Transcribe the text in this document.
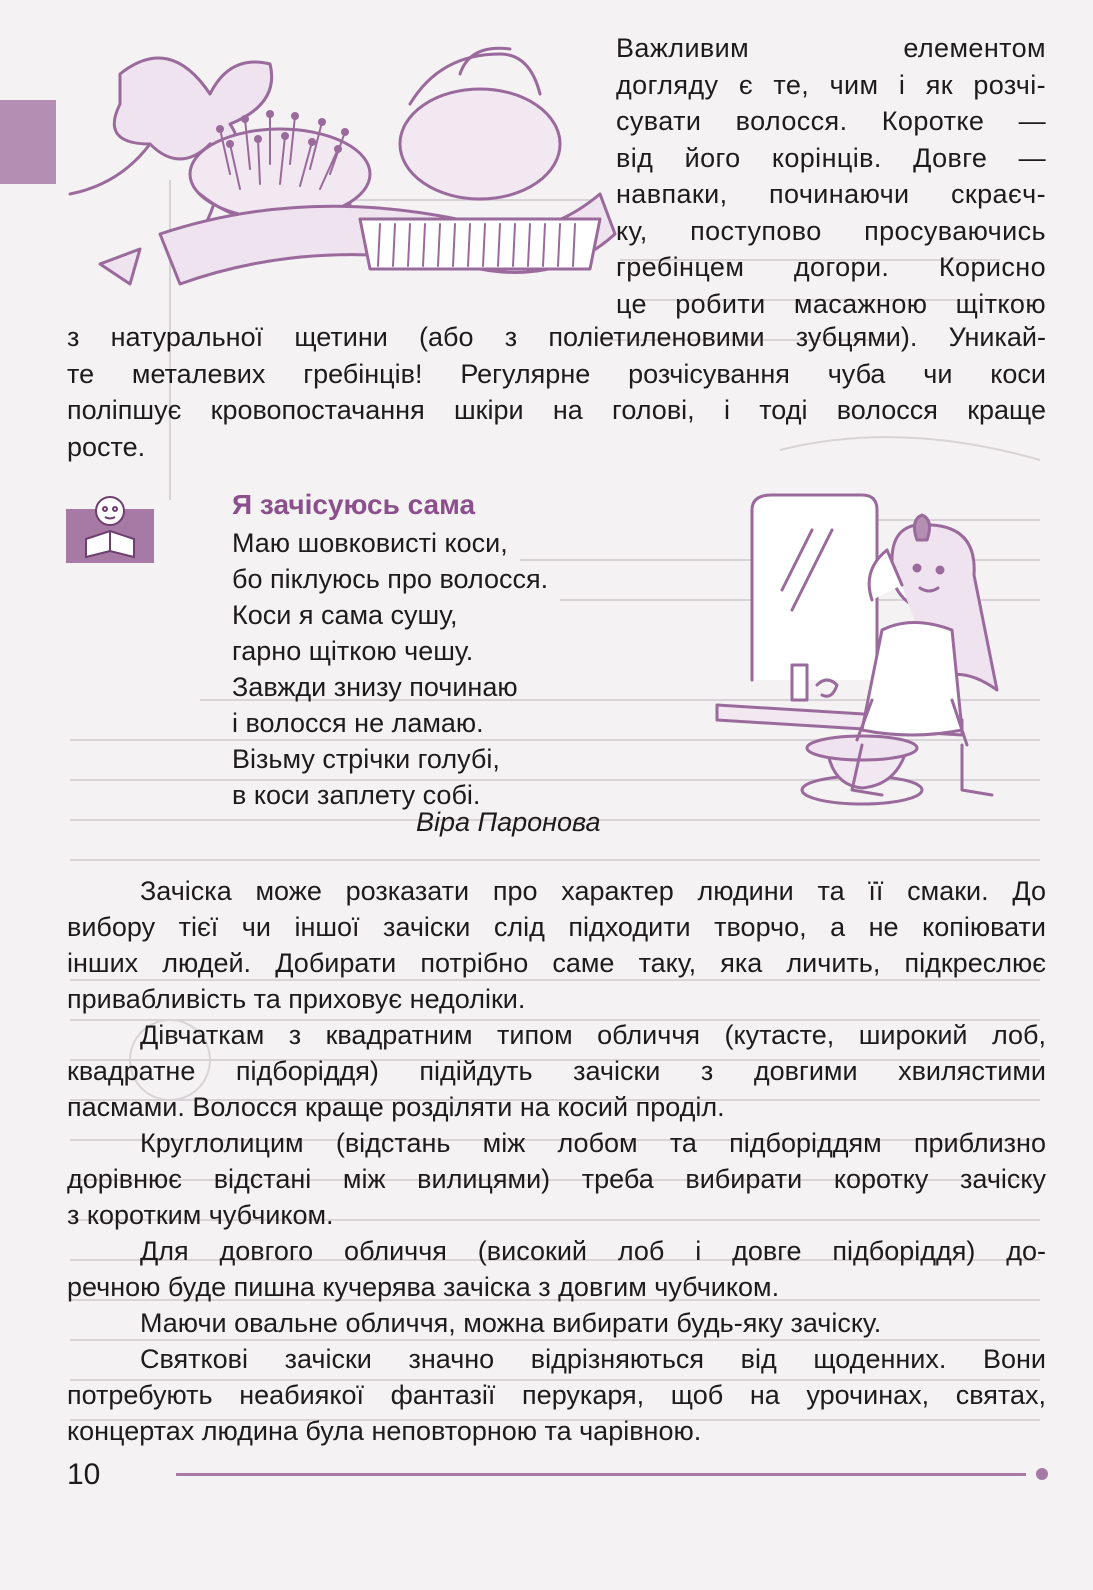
Важливим елементом
догляду є те, чим і як розчі-
сувати волосся. Коротке —
від його корінців. Довге —
навпаки, починаючи скраєч-
ку, поступово просуваючись
гребінцем догори. Корисно
це робити масажною щіткою

з натуральної щетини (або з поліетиленовими зубцями). Уникай-
те металевих гребінців! Регулярне розчісування чуба чи коси
поліпшує кровопостачання шкіри на голові, і тоді волосся краще
росте.

Я зачісуюсь сама

Маю шовковисті коси,
бо піклуюсь про волосся.
Коси я сама сушу,
гарно щіткою чешу.
Завжди знизу починаю
і волосся не ламаю.
Візьму стрічки голубі,
в коси заплету собі.

Віра Паронова

Зачіска може розказати про характер людини та її смаки. До
вибору тієї чи іншої зачіски слід підходити творчо, а не копіювати
інших людей. Добирати потрібно саме таку, яка личить, підкреслює
привабливість та приховує недоліки.

Дівчаткам з квадратним типом обличчя (кутасте, широкий лоб,
квадратне підборіддя) підійдуть зачіски з довгими хвилястими
пасмами. Волосся краще розділяти на косий проділ.

Круглолицим (відстань між лобом та підборіддям приблизно
дорівнює відстані між вилицями) треба вибирати коротку зачіску
з коротким чубчиком.

Для довгого обличчя (високий лоб і довге підборіддя) до-
речною буде пишна кучерява зачіска з довгим чубчиком.

Маючи овальне обличчя, можна вибирати будь-яку зачіску.

Святкові зачіски значно відрізняються від щоденних. Вони
потребують неабиякої фантазії перукаря, щоб на урочинах, святах,
концертах людина була неповторною та чарівною.

10
